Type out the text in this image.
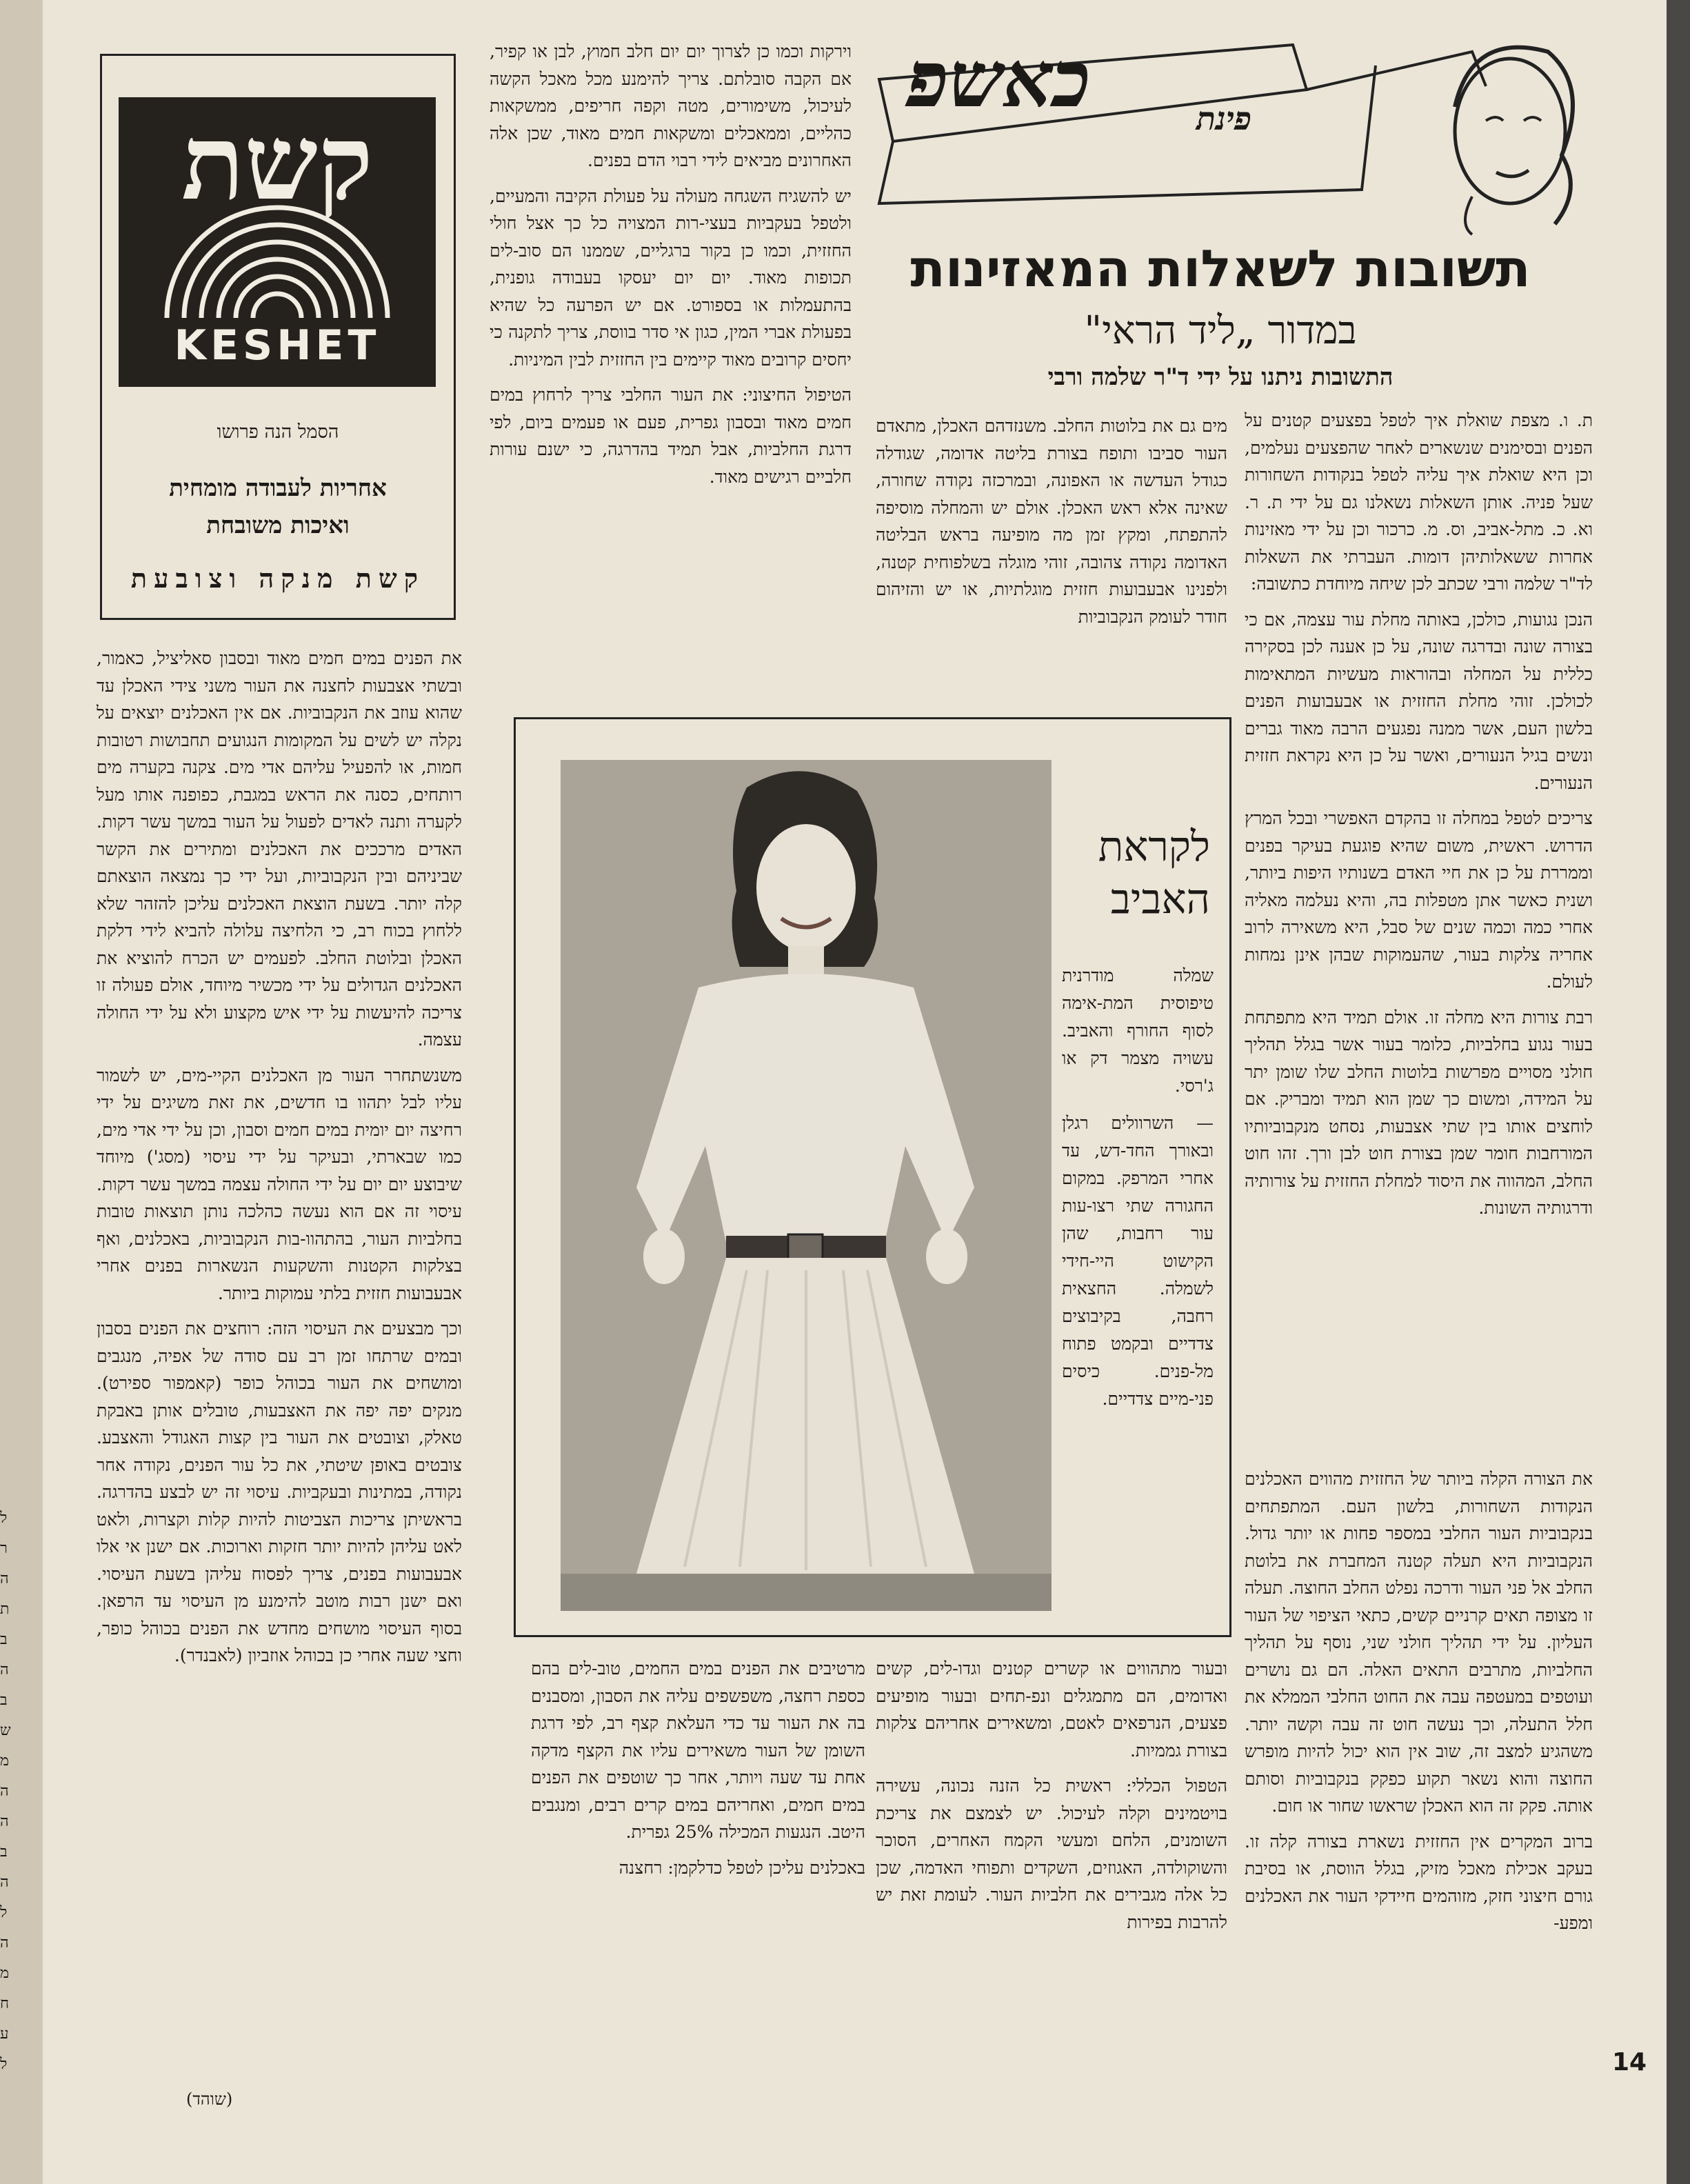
ל
ר
ה
ת
ב
ה
ב
ש
מ
ה
ה
ב
ה
ל
ה
מ
ח
ע
ל
קשת
KESHET
הסמל הנה פרושו
אחריות לעבודה מומחית
ואיכות משובחת
קשת מנקה וצובעת
פינת
כאשפ
תשובות לשאלות המאזינות
במדור „ליד הראי"
התשובות ניתנו על ידי ד"ר שלמה ורבי

ת. ו. מצפת שואלת איך לטפל בפצעים קטנים על הפנים ובסימנים שנשארים לאחר שהפצעים נעלמים, וכן היא שואלת איך עליה לטפל בנקודות השחורות שעל פניה. אותן השאלות נשאלנו גם על ידי ת. ר. וא. כ. מתל-אביב, וס. מ. כרכור וכן על ידי מאזינות אחרות ששאלותיהן דומות. העברתי את השאלות לד"ר שלמה ורבי שכתב לכן שיחה מיוחדת כתשובה:

הנכן נגועות, כולכן, באותה מחלת עור עצמה, אם כי בצורה שונה ובדרגה שונה, על כן אענה לכן בסקירה כללית על המחלה ובהוראות מעשיות המתאימות לכולכן. זוהי מחלת החזזית או אבעבועות הפנים בלשון העם, אשר ממנה נפגעים הרבה מאוד גברים ונשים בגיל הנעורים, ואשר על כן היא נקראת חזזית הנעורים.

צריכים לטפל במחלה זו בהקדם האפשרי ובכל המרץ הדרוש. ראשית, משום שהיא פוגעת בעיקר בפנים וממררת על כן את חיי האדם בשנותיו היפות ביותר, ושנית כאשר אתן מטפלות בה, והיא נעלמה מאליה אחרי כמה וכמה שנים של סבל, היא משאירה לרוב אחריה צלקות בעור, שהעמוקות שבהן אינן נמחות לעולם.

רבת צורות היא מחלה זו. אולם תמיד היא מתפתחת בעור נגוע בחלביות, כלומר בעור אשר בגלל תהליך חולני מסויים מפרשות בלוטות החלב שלו שומן יתר על המידה, ומשום כך שמן הוא תמיד ומבריק. אם לוחצים אותו בין שתי אצבעות, נסחט מנקבוביותיו המורחבות חומר שמן בצורת חוט לבן ורך. זהו חוט החלב, המהווה את היסוד למחלת החזזית על צורותיה ודרגותיה השונות.

את הצורה הקלה ביותר של החזזית מהווים האכלנים הנקודות השחורות, בלשון העם. המתפתחים בנקבוביות העור החלבי במספר פחות או יותר גדול. הנקבוביות היא תעלה קטנה המחברת את בלוטת החלב אל פני העור ודרכה נפלט החלב החוצה. תעלה זו מצופה תאים קרניים קשים, כתאי הציפוי של העור העליון. על ידי תהליך חולני שני, נוסף על תהליך החלביות, מתרבים התאים האלה. הם גם נושרים ועוטפים במעטפה עבה את החוט החלבי הממלא את חלל התעלה, וכך נעשה חוט זה עבה וקשה יותר. משהגיע למצב זה, שוב אין הוא יכול להיות מופרש החוצה והוא נשאר תקוע כפקק בנקבוביות וסותם אותה. פקק זה הוא האכלן שראשו שחור או חום.

ברוב המקרים אין החזזית נשארת בצורה קלה זו. בעקב אכילת מאכל מזיק, בגלל הווסת, או בסיבת גורם חיצוני חזק, מזוהמים חיידקי העור את האכלנים ומפע-

מים גם את בלוטות החלב. משנזדהם האכלן, מתאדם העור סביבו ותופח בצורת בליטה אדומה, שגודלה כגודל העדשה או האפונה, ובמרכזה נקודה שחורה, שאינה אלא ראש האכלן. אולם יש והמחלה מוסיפה להתפתח, ומקץ זמן מה מופיעה בראש הבליטה האדומה נקודה צהובה, זוהי מוגלה בשלפוחית קטנה, ולפנינו אבעבועות חזזית מוגלתיות, או יש והזיהום חודר לעומק הנקבוביות

ובעור מתהווים או קשרים קטנים וגדו-לים, קשים ואדומים, הם מתמגלים ונפ-תחים ובעור מופיעים פצעים, הנרפאים לאטם, ומשאירים אחריהם צלקות בצורת גממיות.

הטפול הכללי: ראשית כל הזנה נכונה, עשירה בויטמינים וקלה לעיכול. יש לצמצם את צריכת השומנים, הלחם ומעשי הקמח האחרים, הסוכר והשוקולדה, האגוזים, השקדים ותפוחי האדמה, שכן כל אלה מגבירים את חלביות העור. לעומת זאת יש להרבות בפירות

וירקות וכמו כן לצרוך יום יום חלב חמוץ, לבן או קפיר, אם הקבה סובלתם. צריך להימנע מכל מאכל הקשה לעיכול, משימורים, מטה וקפה חריפים, ממשקאות כהליים, וממאכלים ומשקאות חמים מאוד, שכן אלה האחרונים מביאים לידי רבוי הדם בפנים.

יש להשגיח השגחה מעולה על פעולת הקיבה והמעיים, ולטפל בעקביות בעצי-רות המצויה כל כך אצל חולי החזזית, וכמו כן בקור ברגליים, שממנו הם סוב-לים תכופות מאוד. יום יום יעסקו בעבודה גופנית, בהתעמלות או בספורט. אם יש הפרעה כל שהיא בפעולת אברי המין, כגון אי סדר בווסת, צריך לתקנה כי יחסים קרובים מאוד קיימים בין החזזית לבין המיניות.

הטיפול החיצוני: את העור החלבי צריך לרחוץ במים חמים מאוד ובסבון גפרית, פעם או פעמים ביום, לפי דרגת החלביות, אבל תמיד בהדרגה, כי ישנם עורות חלביים רגישים מאוד.

מרטיבים את הפנים במים החמים, טוב-לים בהם כספת רחצה, משפשפים עליה את הסבון, ומסבנים בה את העור עד כדי העלאת קצף רב, לפי דרגת השומן של העור משאירים עליו את הקצף מדקה אחת עד שעה ויותר, אחר כך שוטפים את הפנים במים חמים, ואחריהם במים קרים רבים, ומנגבים היטב. הנגעות המכילה 25% גפרית.

באכלנים עליכן לטפל כדלקמן: רחצנה

את הפנים במים חמים מאוד ובסבון סאליציל, כאמור, ובשתי אצבעות לחצנה את העור משני צידי האכלן עד שהוא עוזב את הנקבוביות. אם אין האכלנים יוצאים על נקלה יש לשים על המקומות הנגועים תחבושות רטובות חמות, או להפעיל עליהם אדי מים. צקנה בקערה מים רותחים, כסנה את הראש במגבת, כפופנה אותו מעל לקערה ותנה לאדים לפעול על העור במשך עשר דקות. האדים מרככים את האכלנים ומתירים את הקשר שביניהם ובין הנקבוביות, ועל ידי כך נמצאה הוצאתם קלה יותר. בשעת הוצאת האכלנים עליכן להזהר שלא ללחוץ בכוח רב, כי הלחיצה עלולה להביא לידי דלקת האכלן ובלוטת החלב. לפעמים יש הכרח להוציא את האכלנים הגדולים על ידי מכשיר מיוחד, אולם פעולה זו צריכה להיעשות על ידי איש מקצוע ולא על ידי החולה עצמה.

משנשתחרר העור מן האכלנים הקיי-מים, יש לשמור עליו לבל יתהוו בו חדשים, את זאת משיגים על ידי רחיצה יום יומית במים חמים וסבון, וכן על ידי אדי מים, כמו שבארתי, ובעיקר על ידי עיסוי (מסג') מיוחד שיבוצע יום יום על ידי החולה עצמה במשך עשר דקות. עיסוי זה אם הוא נעשה כהלכה נותן תוצאות טובות בחלביות העור, בהתהוו-בות הנקבוביות, באכלנים, ואף בצלקות הקטנות והשקעות הנשארות בפנים אחרי אבעבועות חזזית בלתי עמוקות ביותר.

וכך מבצעים את העיסוי הזה: רוחצים את הפנים בסבון ובמים שרתחו זמן רב עם סודה של אפיה, מנגבים ומושחים את העור בכוהל כופר (קאמפור ספירט). מנקים יפה יפה את האצבעות, טובלים אותן באבקת טאלק, וצובטים את העור בין קצות האגודל והאצבע. צובטים באופן שיטתי, את כל עור הפנים, נקודה אחר נקודה, במתינות ובעקביות. עיסוי זה יש לבצע בהדרגה. בראשיתן צריכות הצביטות להיות קלות וקצרות, ולאט לאט עליהן להיות יותר חזקות וארוכות. אם ישנן אי אלו אבעבועות בפנים, צריך לפסוח עליהן בשעת העיסוי. ואם ישנן רבות מוטב להימנע מן העיסוי עד הרפאן. בסוף העיסוי מושחים מחדש את הפנים בכוהל כופר, וחצי שעה אחרי כן בכוהל אוזביון (לאבנדר).

לקראת האביב

שמלה מודרנית טיפוסית המת-אימה לסוף החורף והאביב. עשויה מצמר דק או ג'רסי.

— השרוולים רגלן ובאורך החד-דש, עד אחרי המרפק. במקום החגורה שתי רצו-עות עור רחבות, שהן הקישוט היי-חידי לשמלה. החצאית רחבה, בקיבוצים צדדיים ובקמט פתוח מל-פנים. כיסים פני-מיים צדדיים.

14
(שוהד)
